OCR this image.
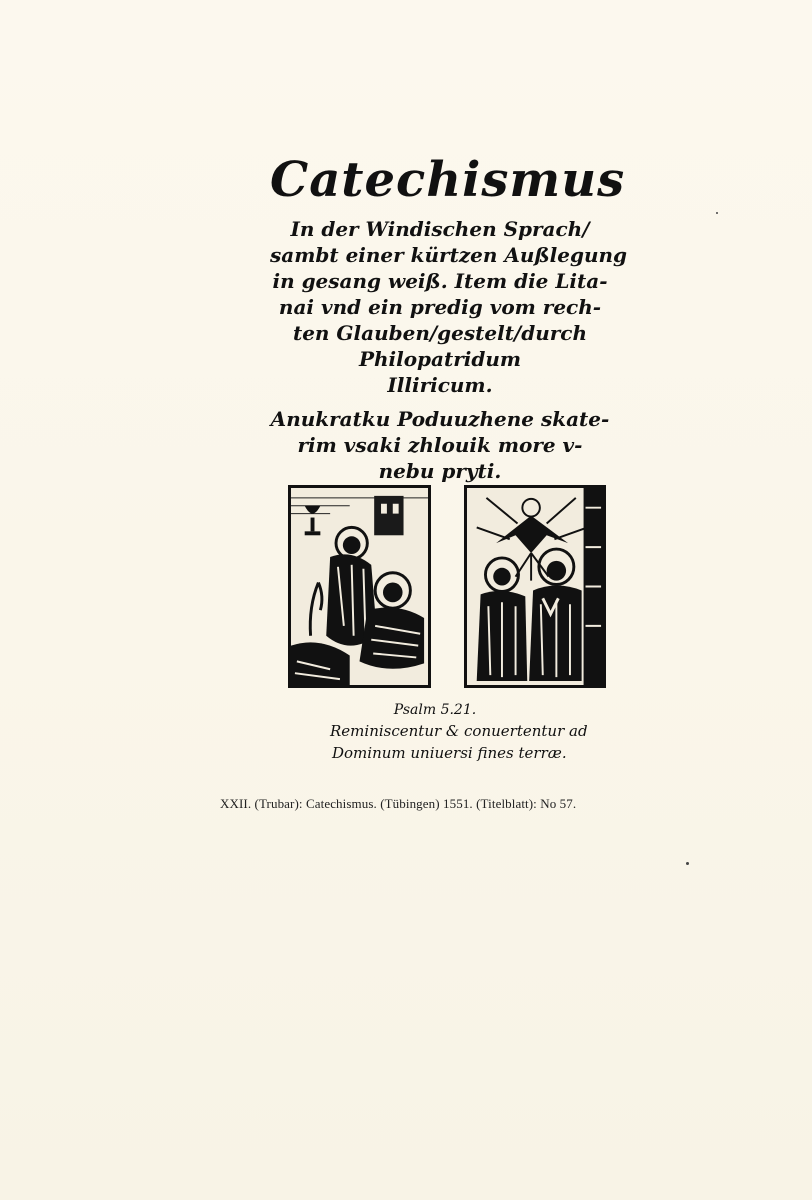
Catechismus
In der Windischen Sprach/
sambt einer kürtzen Außlegung
in gesang weiß. Item die Lita-
nai vnd ein predig vom rech-
ten Glauben/gestelt/durch
Philopatridum
Illiricum.
Anukratku Poduuzhene skate-
rim vsaki zhlouik more v-
nebu pryti.
Psalm 5.21.
Reminiscentur & conuertentur ad
Dominum uniuersi fines terræ.
XXII. (Trubar): Catechismus. (Tübingen) 1551. (Titelblatt): No 57.
